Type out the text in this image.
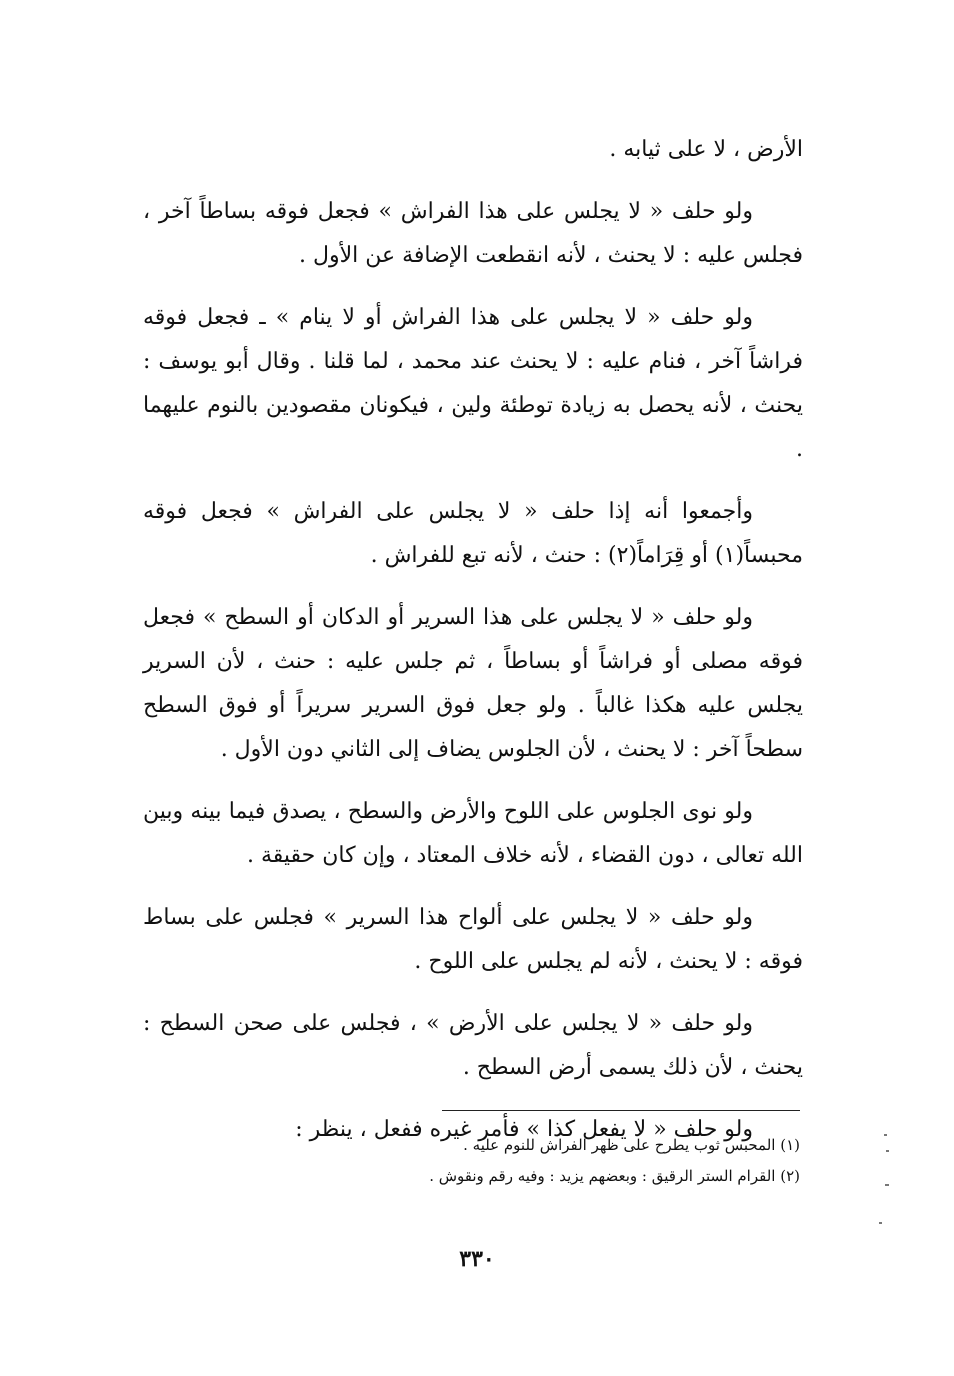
الأرض ، لا على ثيابه .

ولو حلف « لا يجلس على هذا الفراش » فجعل فوقه بساطاً آخر ، فجلس عليه : لا يحنث ، لأنه انقطعت الإضافة عن الأول .

ولو حلف « لا يجلس على هذا الفراش أو لا ينام » ـ فجعل فوقه فراشاً آخر ، فنام عليه : لا يحنث عند محمد ، لما قلنا . وقال أبو يوسف : يحنث ، لأنه يحصل به زيادة توطئة ولين ، فيكونان مقصودين بالنوم عليهما .

وأجمعوا أنه إذا حلف « لا يجلس على الفراش » فجعل فوقه محبساً(١) أو قِرَاماً(٢) : حنث ، لأنه تبع للفراش .

ولو حلف « لا يجلس على هذا السرير أو الدكان أو السطح » فجعل فوقه مصلى أو فراشاً أو بساطاً ، ثم جلس عليه : حنث ، لأن السرير يجلس عليه هكذا غالباً . ولو جعل فوق السرير سريراً أو فوق السطح سطحاً آخر : لا يحنث ، لأن الجلوس يضاف إلى الثاني دون الأول .

ولو نوى الجلوس على اللوح والأرض والسطح ، يصدق فيما بينه وبين الله تعالى ، دون القضاء ، لأنه خلاف المعتاد ، وإن كان حقيقة .

ولو حلف « لا يجلس على ألواح هذا السرير » فجلس على بساط فوقه : لا يحنث ، لأنه لم يجلس على اللوح .

ولو حلف « لا يجلس على الأرض » ، فجلس على صحن السطح : يحنث ، لأن ذلك يسمى أرض السطح .

ولو حلف « لا يفعل كذا » فأمر غيره ففعل ، ينظر :

(١) المحبس ثوب يطرح على ظهر الفراش للنوم عليه .

(٢) القرام الستر الرقيق : وبعضهم يزيد : وفيه رقم ونقوش .

٣٣٠
